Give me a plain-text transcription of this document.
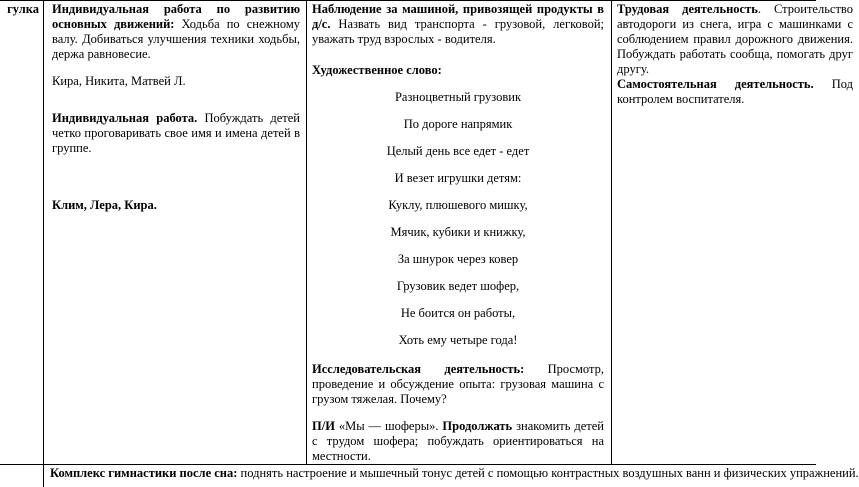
гулка Индивидуальная работа по развитию основных движений: Ходьба по снежному валу. Добиваться улучшения техники ходьбы, держа равновесие.

Кира, Никита, Матвей Л.

Индивидуальная работа. Побуждать детей четко проговаривать свое имя и имена детей в группе.

Клим, Лера, Кира.

Наблюдение за машиной, привозящей продукты в д/с. Назвать вид транспорта - грузовой, легковой; уважать труд взрослых - водителя.

Художественное слово:

Разноцветный грузовик

По дороге напрямик

Целый день все едет - едет

И везет игрушки детям:

Куклу, плюшевого мишку,

Мячик, кубики и книжку,

За шнурок через ковер

Грузовик ведет шофер,

Не боится он работы,

Хоть ему четыре года!

Исследовательская деятельность: Просмотр, проведение и обсуждение опыта: грузовая машина с грузом тяжелая. Почему?

П/И «Мы — шоферы». Продолжать знакомить детей с трудом шофера; побуждать ориентироваться на местности.

Трудовая деятельность. Строительство автодороги из снега, игра с машинками с соблюдением правил дорожного движения. Побуждать работать сообща, помогать друг другу.

Самостоятельная деятельность. Под контролем воспитателя.

Комплекс гимнастики после сна: поднять настроение и мышечный тонус детей с помощью контрастных воздушных ванн и физических упражнений.
